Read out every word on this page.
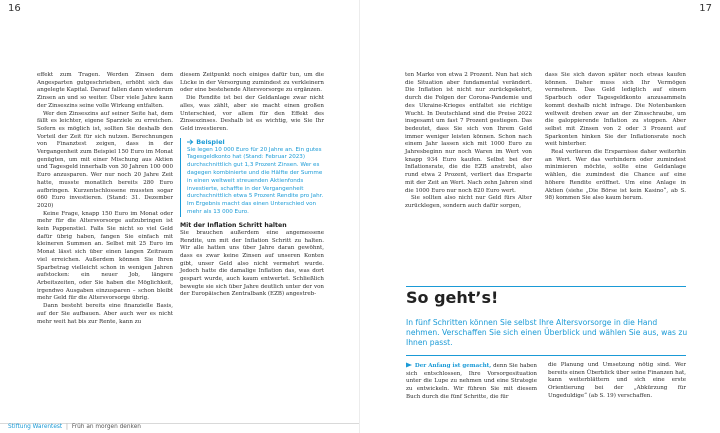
16

effekt zum Tragen. Werden Zinsen dem Angesparten gutgeschrieben, erhöht sich das angelegte Kapital. Darauf fallen dann wiederum Zinsen an und so weiter. Über viele Jahre kann der Zinseszins seine volle Wirkung entfalten.

Wer den Zinseszins auf seiner Seite hat, dem fällt es leichter, eigene Sparziele zu erreichen. Sofern es möglich ist, sollten Sie deshalb den Vorteil der Zeit für sich nutzen. Berechnungen von Finanztest zeigen, dass in der Vergangenheit zum Beispiel 150 Euro im Monat genügten, um mit einer Mischung aus Aktien und Tagesgeld innerhalb von 30 Jahren 100 000 Euro anzusparen. Wer nur noch 20 Jahre Zeit hatte, musste monatlich bereits 280 Euro aufbringen. Kurzentschlossene mussten sogar 660 Euro investieren. (Stand: 31. Dezember 2020)

Keine Frage, knapp 150 Euro im Monat oder mehr für die Altersvorsorge aufzubringen ist kein Pappenstiel. Falls Sie nicht so viel Geld dafür übrig haben, fangen Sie einfach mit kleineren Summen an. Selbst mit 25 Euro im Monat lässt sich über einen langen Zeitraum viel erreichen. Außerdem können Sie Ihren Sparbetrag vielleicht schon in wenigen Jahren aufstocken: ein neuer Job, längere Arbeitszeiten, oder Sie haben die Möglichkeit, irgendwo Ausgaben einzusparen – schon bleibt mehr Geld für die Altersvorsorge übrig.

Dann besteht bereits eine finanzielle Basis, auf der Sie aufbauen. Aber auch wer es nicht mehr weit hat bis zur Rente, kann zu

diesem Zeitpunkt noch einiges dafür tun, um die Lücke in der Versorgung zumindest zu verkleinern oder eine bestehende Altersvorsorge zu ergänzen.

Die Rendite ist bei der Geldanlage zwar nicht alles, was zählt, aber sie macht einen großen Unterschied, vor allem für den Effekt des Zinseszinses. Deshalb ist es wichtig, wie Sie Ihr Geld investieren.

Beispiel
Sie legen 10 000 Euro für 20 Jahre an. Ein gutes Tagesgeldkonto hat (Stand: Februar 2023) durchschnittlich gut 1,3 Prozent Zinsen. Wer es dagegen kombinierte und die Hälfte der Summe in einen weltweit streuenden Aktienfonds investierte, schaffte in der Vergangenheit durchschnittlich etwa 5 Prozent Rendite pro Jahr. Im Ergebnis macht das einen Unterschied von mehr als 13 000 Euro.
Mit der Inflation Schritt halten

Sie brauchen außerdem eine angemessene Rendite, um mit der Inflation Schritt zu halten. Wir alle hatten uns über Jahre daran gewöhnt, dass es zwar keine Zinsen auf unseren Konten gibt, unser Geld also nicht vermehrt wurde. Jedoch hatte die damalige Inflation das, was dort gespart wurde, auch kaum entwertet. Schließlich bewegte sie sich über Jahre deutlich unter der von der Europäischen Zentralbank (EZB) angestreb-

Stiftung Warentest | Früh an morgen denken
17

ten Marke von etwa 2 Prozent. Nun hat sich die Situation aber fundamental verändert. Die Inflation ist nicht nur zurückgekehrt, durch die Folgen der Corona-Pandemie und des Ukraine-Krieges entfaltet sie richtige Wucht. In Deutschland sind die Preise 2022 insgesamt um fast 7 Prozent gestiegen. Das bedeutet, dass Sie sich von Ihrem Geld immer weniger leisten können. Schon nach einem Jahr lassen sich mit 1000 Euro zu Jahresbeginn nur noch Waren im Wert von knapp 934 Euro kaufen. Selbst bei der Inflationsrate, die die EZB anstrebt, also rund etwa 2 Prozent, verliert das Ersparte mit der Zeit an Wert. Nach zehn Jahren sind die 1000 Euro nur noch 820 Euro wert.

Sie sollten also nicht nur Geld fürs Alter zurücklegen, sondern auch dafür sorgen,

dass Sie sich davon später noch etwas kaufen können. Daher muss sich Ihr Vermögen vermehren. Das Geld lediglich auf einem Sparbuch oder Tagesgeldkonto anzusammeln kommt deshalb nicht infrage. Die Notenbanken weltweit drehen zwar an der Zinsschraube, um die galoppierende Inflation zu stoppen. Aber selbst mit Zinsen von 2 oder 3 Prozent auf Sparkonten hinken Sie der Inflationsrate noch weit hinterher.

Real verlieren die Ersparnisse daher weiterhin an Wert. Wer das verhindern oder zumindest minimieren möchte, sollte eine Geldanlage wählen, die zumindest die Chance auf eine höhere Rendite eröffnet. Um eine Anlage in Aktien (siehe „Die Börse ist kein Kasino“, ab S. 98) kommen Sie also kaum herum.

So geht’s!
In fünf Schritten können Sie selbst Ihre Altersvorsorge in die Hand nehmen. Verschaffen Sie sich einen Überblick und wählen Sie aus, was zu Ihnen passt.
Der Anfang ist gemacht, denn Sie haben sich entschlossen, Ihre Vorsorgesituation unter die Lupe zu nehmen und eine Strategie zu entwickeln. Wir führen Sie mit diesem Buch durch die fünf Schritte, die für
die Planung und Umsetzung nötig sind. Wer bereits einen Überblick über seine Finanzen hat, kann weiterblättern und sich eine erste Orientierung bei der „Abkürzung für Ungeduldige“ (ab S. 19) verschaffen.
